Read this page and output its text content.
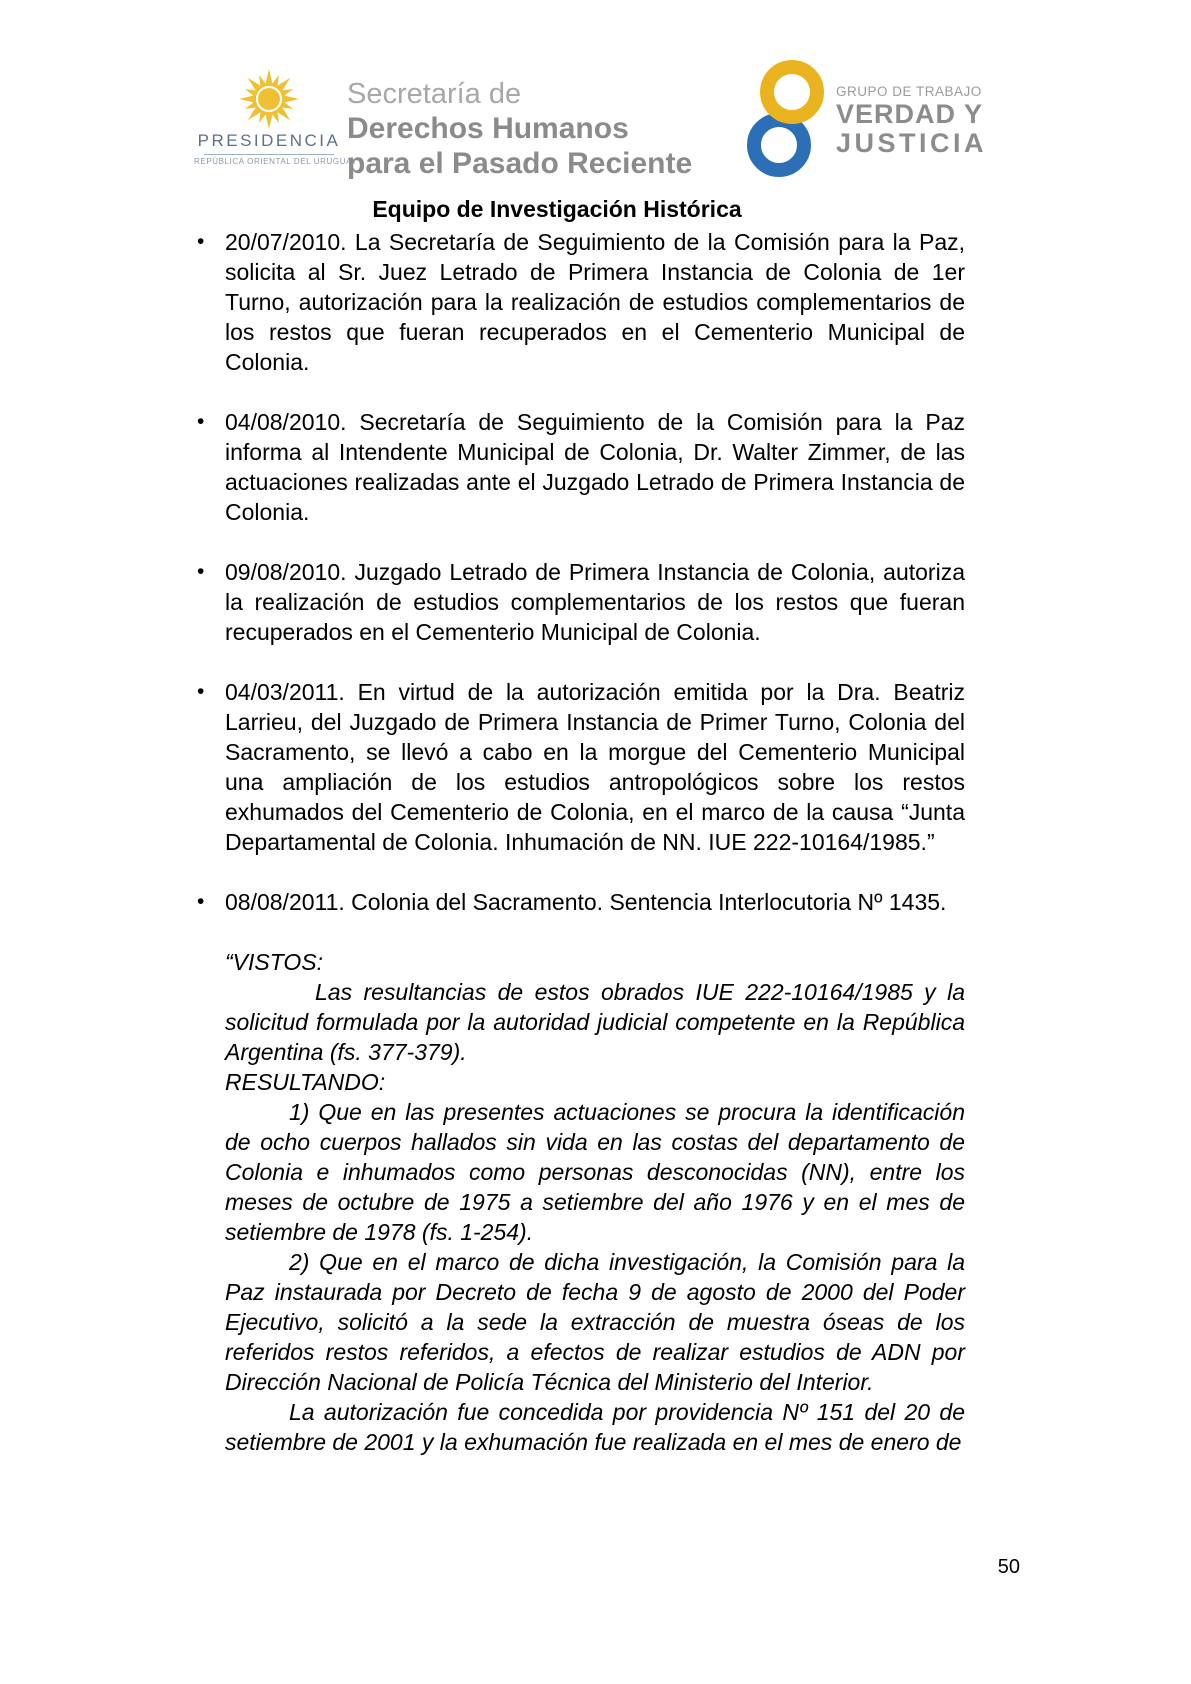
PRESIDENCIA
REPÚBLICA ORIENTAL DEL URUGUAY
Secretaría de
Derechos Humanos
para el Pasado Reciente
GRUPO DE TRABAJO
VERDAD Y
JUSTICIA
Equipo de Investigación Histórica
• 20/07/2010. La Secretaría de Seguimiento de la Comisión para la Paz, solicita al Sr. Juez Letrado de Primera Instancia de Colonia de 1er Turno, autorización para la realización de estudios complementarios de los restos que fueran recuperados en el Cementerio Municipal de Colonia.
• 04/08/2010. Secretaría de Seguimiento de la Comisión para la Paz informa al Intendente Municipal de Colonia, Dr. Walter Zimmer, de las actuaciones realizadas ante el Juzgado Letrado de Primera Instancia de Colonia.
• 09/08/2010. Juzgado Letrado de Primera Instancia de Colonia, autoriza la realización de estudios complementarios de los restos que fueran recuperados en el Cementerio Municipal de Colonia.
• 04/03/2011. En virtud de la autorización emitida por la Dra. Beatriz Larrieu, del Juzgado de Primera Instancia de Primer Turno, Colonia del Sacramento, se llevó a cabo en la morgue del Cementerio Municipal una ampliación de los estudios antropológicos sobre los restos exhumados del Cementerio de Colonia, en el marco de la causa “Junta Departamental de Colonia. Inhumación de NN. IUE 222-10164/1985.”
• 08/08/2011. Colonia del Sacramento. Sentencia Interlocutoria Nº 1435.

“VISTOS:

Las resultancias de estos obrados IUE 222-10164/1985 y la solicitud formulada por la autoridad judicial competente en la República Argentina (fs. 377-379).

RESULTANDO:

1) Que en las presentes actuaciones se procura la identificación de ocho cuerpos hallados sin vida en las costas del departamento de Colonia e inhumados como personas desconocidas (NN), entre los meses de octubre de 1975 a setiembre del año 1976 y en el mes de setiembre de 1978 (fs. 1-254).

2) Que en el marco de dicha investigación, la Comisión para la Paz instaurada por Decreto de fecha 9 de agosto de 2000 del Poder Ejecutivo, solicitó a la sede la extracción de muestra óseas de los referidos restos referidos, a efectos de realizar estudios de ADN por Dirección Nacional de Policía Técnica del Ministerio del Interior.

La autorización fue concedida por providencia Nº 151 del 20 de setiembre de 2001 y la exhumación fue realizada en el mes de enero de

50
